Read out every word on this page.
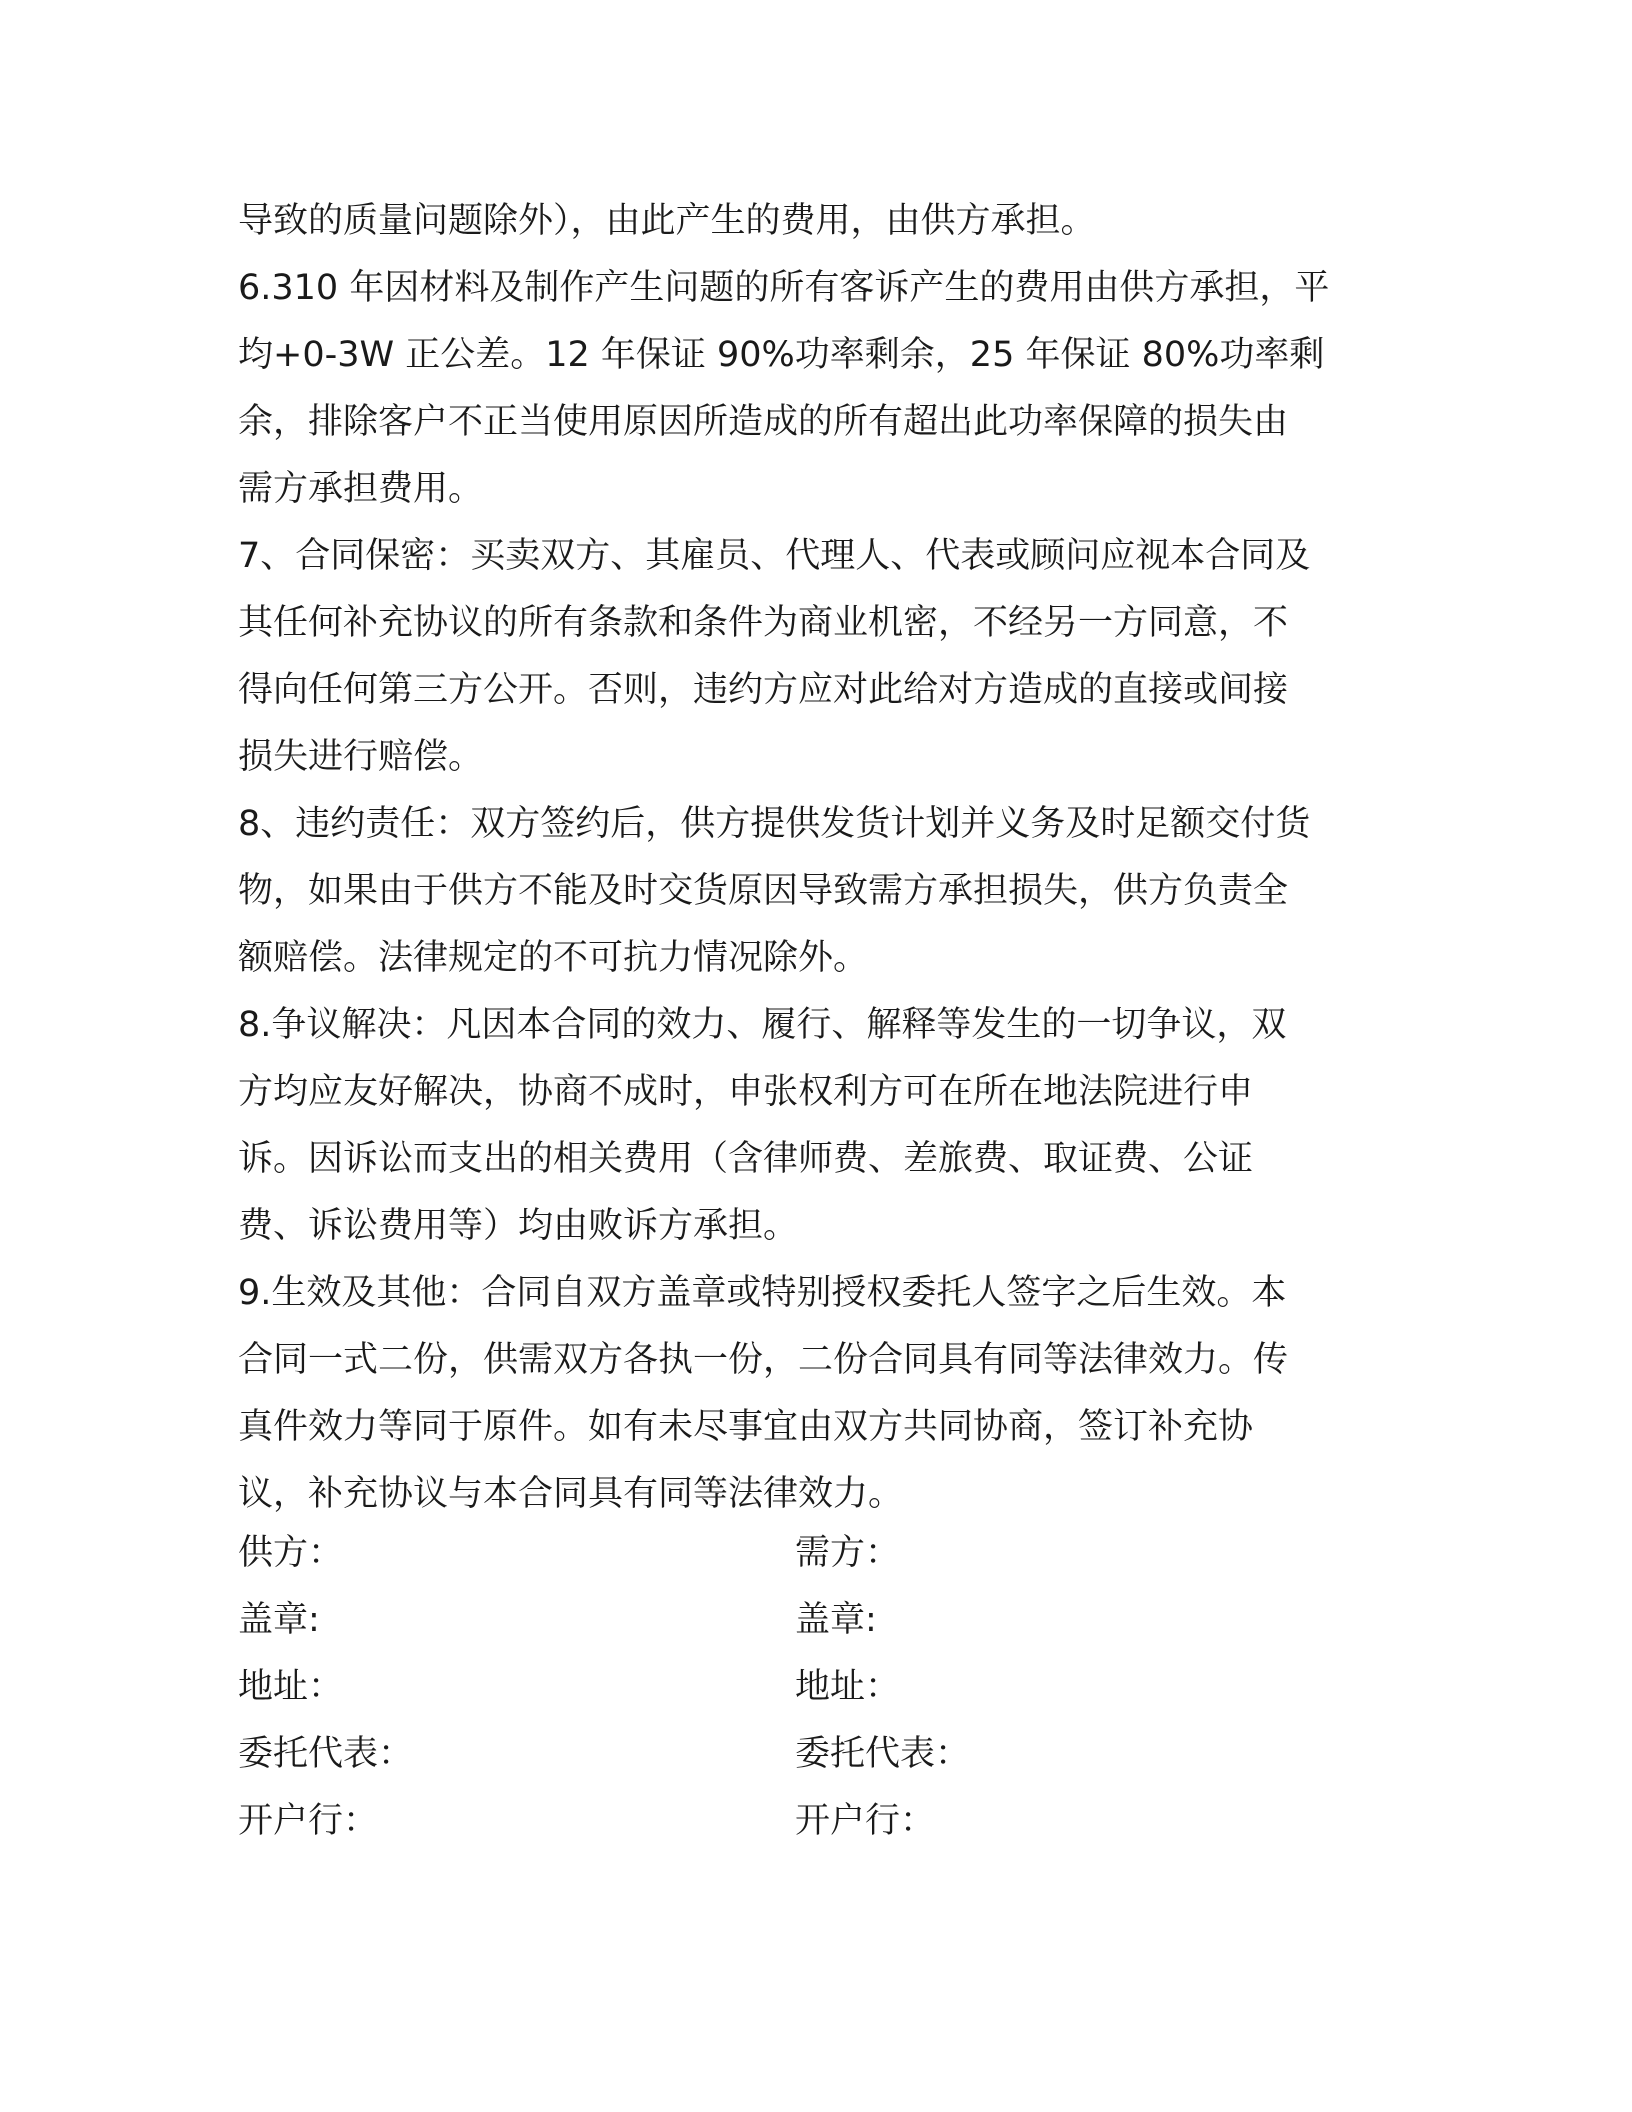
导致的质量问题除外），由此产生的费用，由供方承担。
6.310 年因材料及制作产生问题的所有客诉产生的费用由供方承担，平
均+0-3W 正公差。12 年保证 90%功率剩余，25 年保证 80%功率剩
余，排除客户不正当使用原因所造成的所有超出此功率保障的损失由
需方承担费用。
7、合同保密：买卖双方、其雇员、代理人、代表或顾问应视本合同及
其任何补充协议的所有条款和条件为商业机密，不经另一方同意，不
得向任何第三方公开。否则，违约方应对此给对方造成的直接或间接
损失进行赔偿。
8、违约责任：双方签约后，供方提供发货计划并义务及时足额交付货
物，如果由于供方不能及时交货原因导致需方承担损失，供方负责全
额赔偿。法律规定的不可抗力情况除外。
8.争议解决：凡因本合同的效力、履行、解释等发生的一切争议，双
方均应友好解决，协商不成时，申张权利方可在所在地法院进行申
诉。因诉讼而支出的相关费用（含律师费、差旅费、取证费、公证
费、诉讼费用等）均由败诉方承担。
9.生效及其他：合同自双方盖章或特别授权委托人签字之后生效。本
合同一式二份，供需双方各执一份，二份合同具有同等法律效力。传
真件效力等同于原件。如有未尽事宜由双方共同协商，签订补充协
议，补充协议与本合同具有同等法律效力。
供方：	需方：
盖章:	盖章:
地址：	地址：
委托代表：	委托代表：
开户行：	开户行：
